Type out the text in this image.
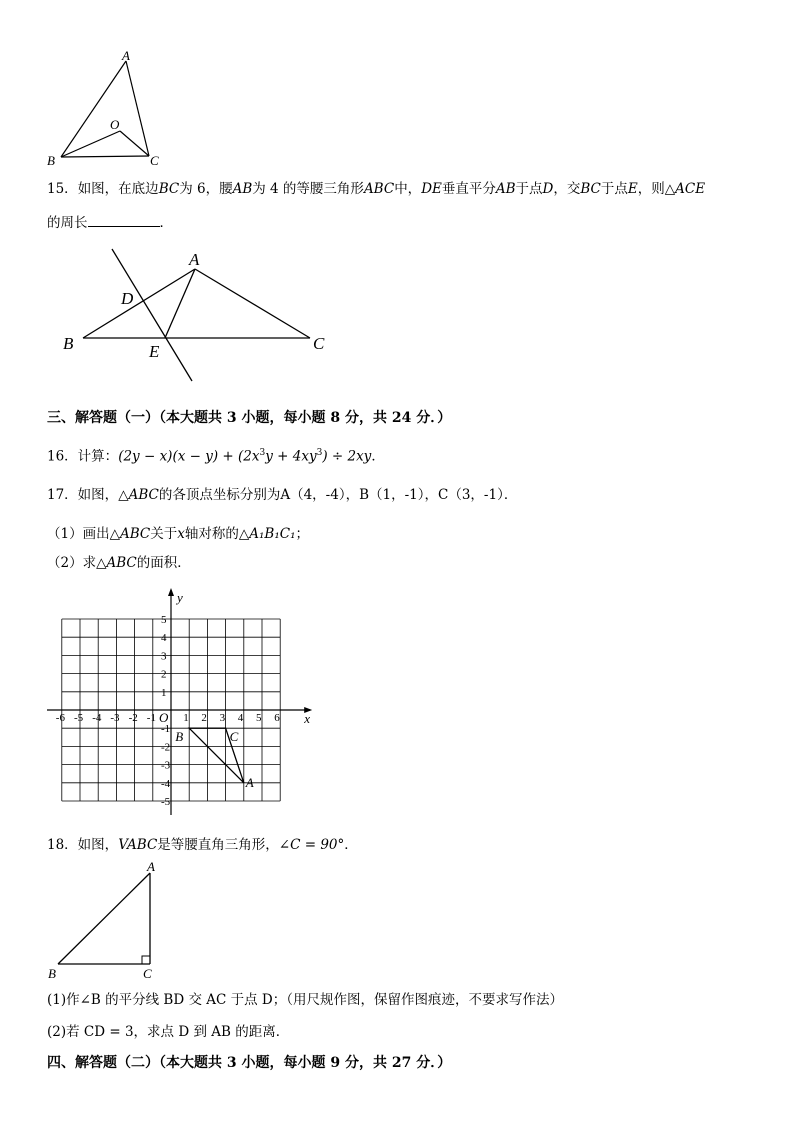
A
O
B	C
15．如图，在底边BC为 6，腰AB为 4 的等腰三角形ABC中，DE垂直平分AB于点D，交BC于点E，则△ACE
的周长	．
A
D
B	E	C
三、解答题（一）（本大题共 3 小题，每小题 8 分，共 24 分．）
16．计算：$(2y - x)(x - y) + (2x^3y + 4xy^3) \div 2xy$．
17．如图，△ABC的各顶点坐标分别为A（4，-4），B（1，-1），C（3，-1）．
（1）画出△ABC关于x轴对称的△A₁B₁C₁；
（2）求△ABC的面积．
-6 -5 -4 -3 -2 -1 1 2 3 4 5 6
5
4
3
2
1
-1
-2
-3
-4
-5
x
y
O
A
B	C
18．如图，VABC是等腰直角三角形，∠C = 90°．
A
B	C
(1)作∠B 的平分线 BD 交 AC 于点 D；（用尺规作图，保留作图痕迹，不要求写作法）
(2)若 CD = 3，求点 D 到 AB 的距离．
四、解答题（二）（本大题共 3 小题，每小题 9 分，共 27 分．）
